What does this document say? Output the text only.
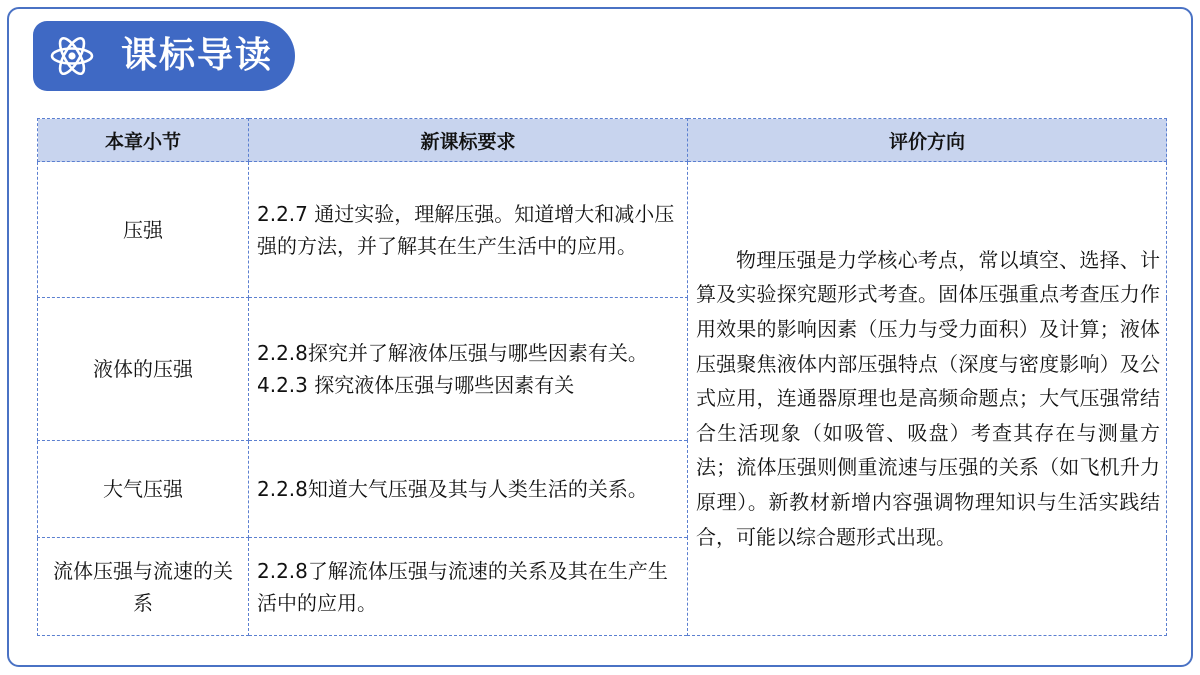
课标导读
本章小节	新课标要求	评价方向
压强	2.2.7 通过实验，理解压强。知道增大和减小压强的方法，并了解其在生产生活中的应用。	物理压强是力学核心考点，常以填空、选择、计算及实验探究题形式考查。固体压强重点考查压力作用效果的影响因素（压力与受力面积）及计算；液体压强聚焦液体内部压强特点（深度与密度影响）及公式应用，连通器原理也是高频命题点；大气压强常结合生活现象（如吸管、吸盘）考查其存在与测量方法；流体压强则侧重流速与压强的关系（如飞机升力原理）。新教材新增内容强调物理知识与生活实践结合，可能以综合题形式出现。
液体的压强	2.2.8探究并了解液体压强与哪些因素有关。
4.2.3 探究液体压强与哪些因素有关	

大气压强	2.2.8知道大气压强及其与人类生活的关系。	

流体压强与流速的关系	2.2.8了解流体压强与流速的关系及其在生产生活中的应用。	
